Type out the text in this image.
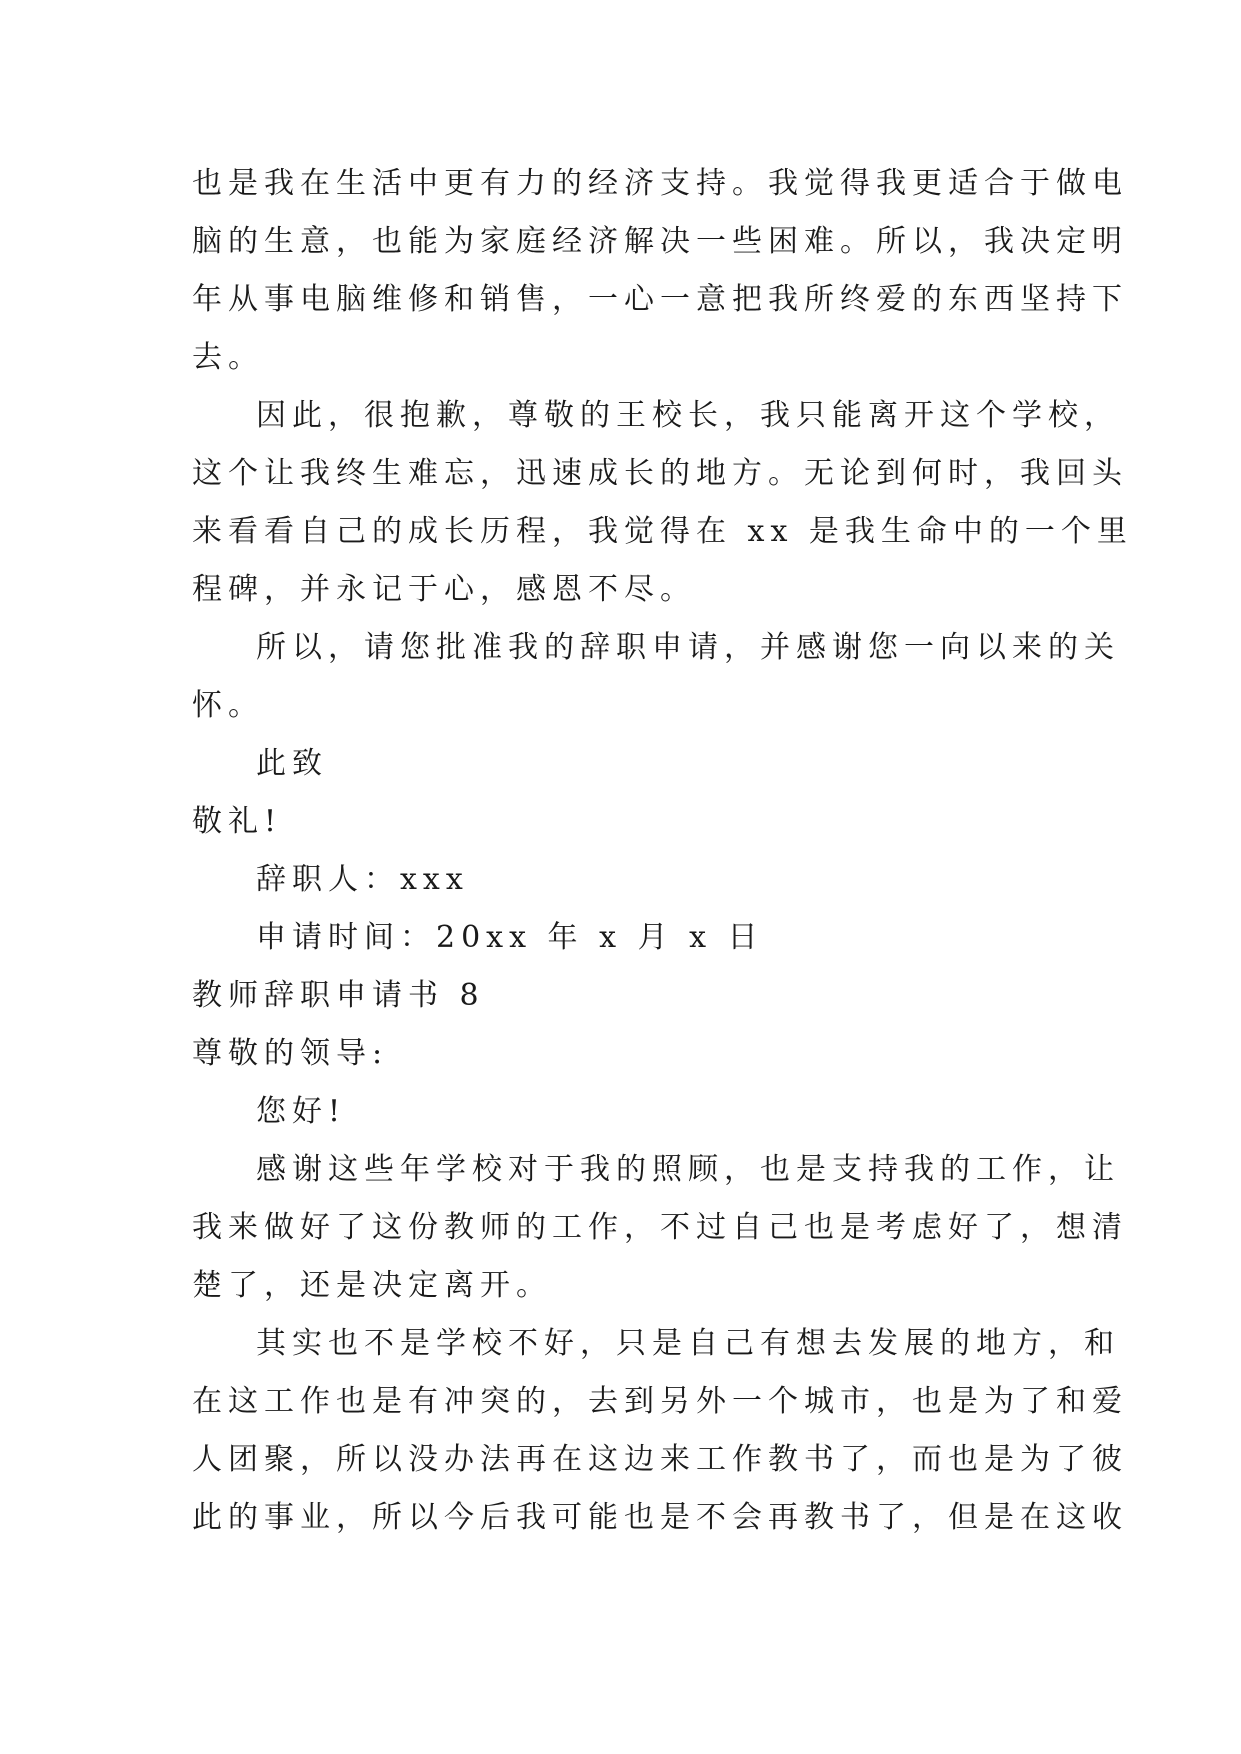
也是我在生活中更有力的经济支持。我觉得我更适合于做电
脑的生意，也能为家庭经济解决一些困难。所以，我决定明
年从事电脑维修和销售，一心一意把我所终爱的东西坚持下
去。
因此，很抱歉，尊敬的王校长，我只能离开这个学校，
这个让我终生难忘，迅速成长的地方。无论到何时，我回头
来看看自己的成长历程，我觉得在 xx 是我生命中的一个里
程碑，并永记于心，感恩不尽。
所以，请您批准我的辞职申请，并感谢您一向以来的关
怀。
此致
敬礼!
辞职人：xxx
申请时间：20xx 年 x 月 x 日
教师辞职申请书 8
尊敬的领导:
您好!
感谢这些年学校对于我的照顾，也是支持我的工作，让
我来做好了这份教师的工作，不过自己也是考虑好了，想清
楚了，还是决定离开。
其实也不是学校不好，只是自己有想去发展的地方，和
在这工作也是有冲突的，去到另外一个城市，也是为了和爱
人团聚，所以没办法再在这边来工作教书了，而也是为了彼
此的事业，所以今后我可能也是不会再教书了，但是在这收
